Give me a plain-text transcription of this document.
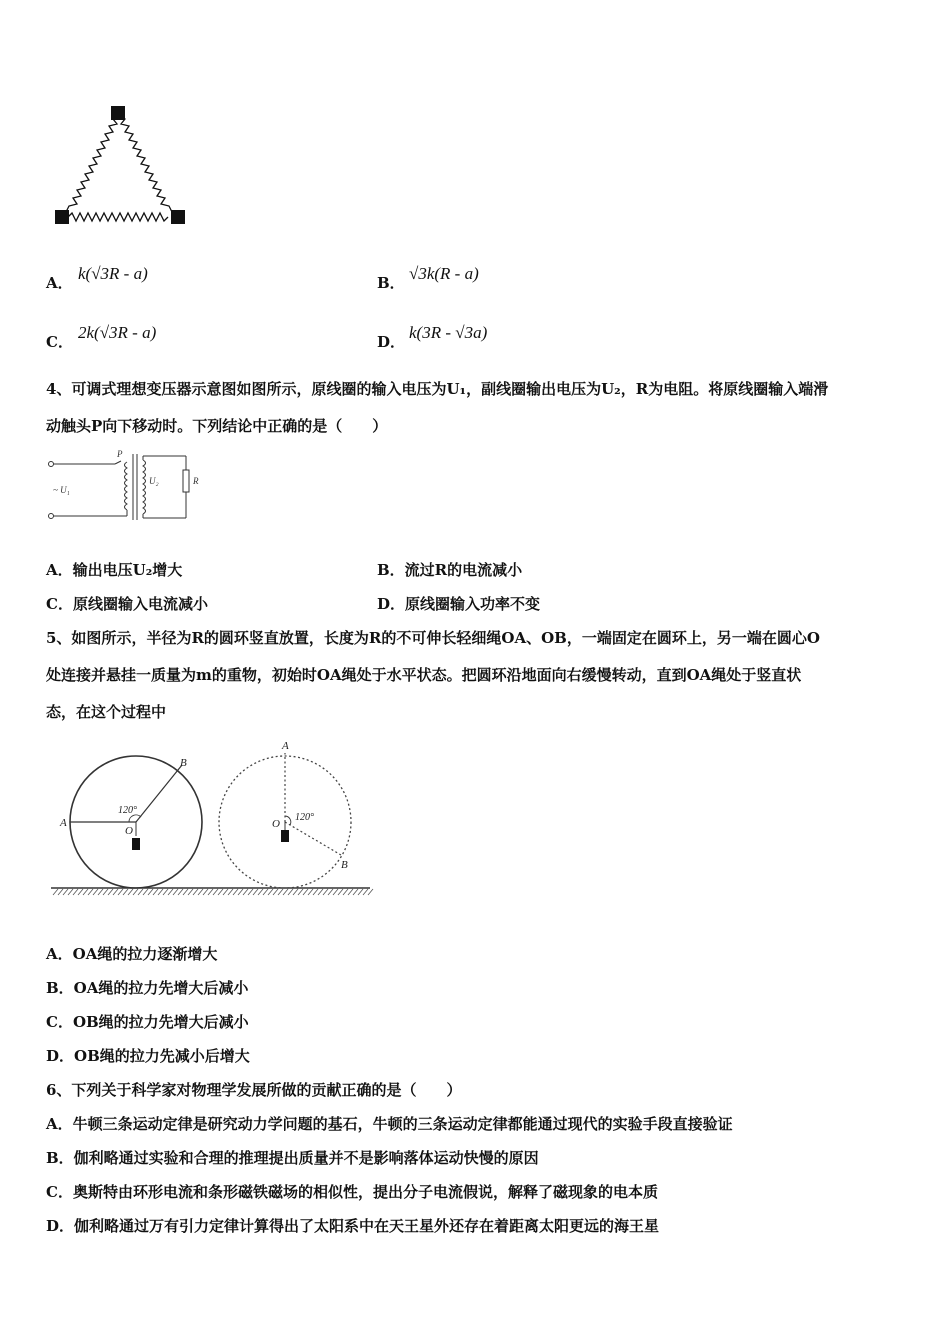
A． k(√3R - a)	B． √3k(R - a)
C． 2k(√3R - a)	D． k(3R - √3a)
4、可调式理想变压器示意图如图所示，原线圈的输入电压为U₁，副线圈输出电压为U₂，R为电阻。将原线圈输入端滑
动触头P向下移动时。下列结论中正确的是（　　）
P
~ U₁
U₂	R
A．输出电压U₂增大	B．流过R的电流减小
C．原线圈输入电流减小	D．原线圈输入功率不变
5、如图所示，半径为R的圆环竖直放置，长度为R的不可伸长轻细绳OA、OB，一端固定在圆环上，另一端在圆心O
处连接并悬挂一质量为m的重物，初始时OA绳处于水平状态。把圆环沿地面向右缓慢转动，直到OA绳处于竖直状
态，在这个过程中
A
B
O
120°
A
B
O
120°
A．OA绳的拉力逐渐增大
B．OA绳的拉力先增大后减小
C．OB绳的拉力先增大后减小
D．OB绳的拉力先减小后增大
6、下列关于科学家对物理学发展所做的贡献正确的是（　　）
A．牛顿三条运动定律是研究动力学问题的基石，牛顿的三条运动定律都能通过现代的实验手段直接验证
B．伽利略通过实验和合理的推理提出质量并不是影响落体运动快慢的原因
C．奥斯特由环形电流和条形磁铁磁场的相似性，提出分子电流假说，解释了磁现象的电本质
D．伽利略通过万有引力定律计算得出了太阳系中在天王星外还存在着距离太阳更远的海王星
